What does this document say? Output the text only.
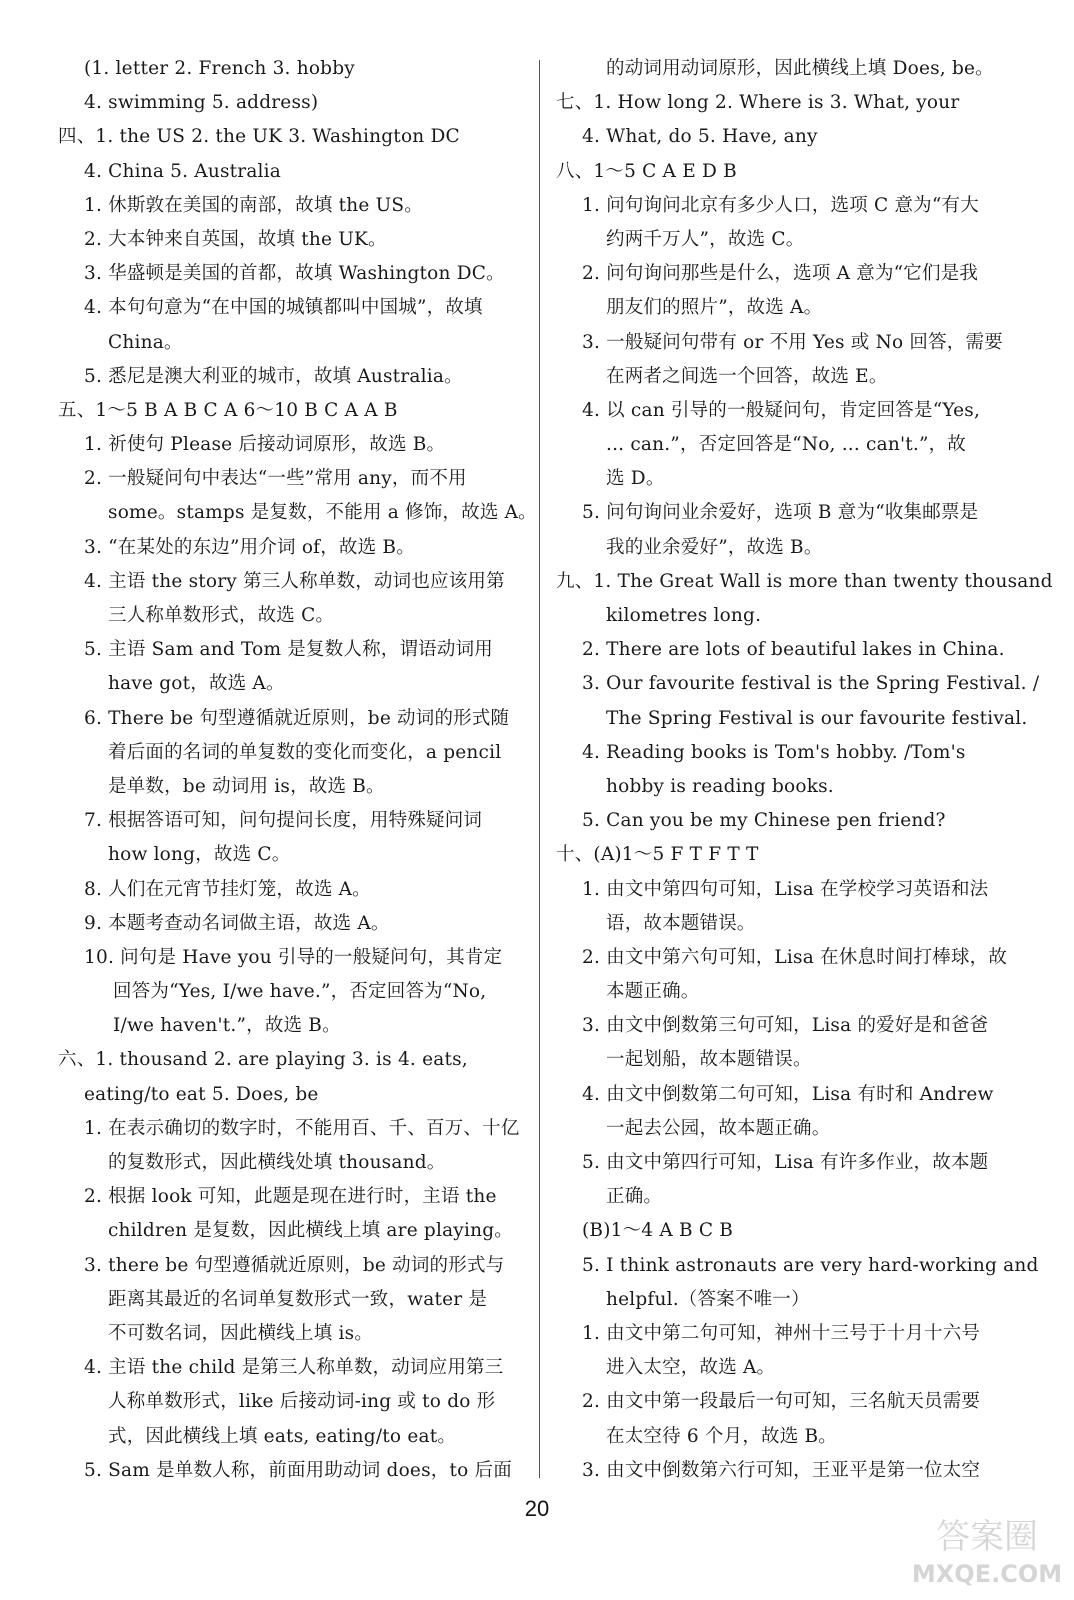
(1. letter 2. French 3. hobby
4. swimming 5. address)
四、1. the US 2. the UK 3. Washington DC
4. China 5. Australia
1. 休斯敦在美国的南部，故填 the US。
2. 大本钟来自英国，故填 the UK。
3. 华盛顿是美国的首都，故填 Washington DC。
4. 本句句意为“在中国的城镇都叫中国城”，故填
China。
5. 悉尼是澳大利亚的城市，故填 Australia。
五、1～5 B A B C A 6～10 B C A A B
1. 祈使句 Please 后接动词原形，故选 B。
2. 一般疑问句中表达“一些”常用 any，而不用
some。stamps 是复数，不能用 a 修饰，故选 A。
3. “在某处的东边”用介词 of，故选 B。
4. 主语 the story 第三人称单数，动词也应该用第
三人称单数形式，故选 C。
5. 主语 Sam and Tom 是复数人称，谓语动词用
have got，故选 A。
6. There be 句型遵循就近原则，be 动词的形式随
着后面的名词的单复数的变化而变化，a pencil
是单数，be 动词用 is，故选 B。
7. 根据答语可知，问句提问长度，用特殊疑问词
how long，故选 C。
8. 人们在元宵节挂灯笼，故选 A。
9. 本题考查动名词做主语，故选 A。
10. 问句是 Have you 引导的一般疑问句，其肯定
回答为“Yes, I/we have.”，否定回答为“No,
I/we haven't.”，故选 B。
六、1. thousand 2. are playing 3. is 4. eats,
eating/to eat 5. Does, be
1. 在表示确切的数字时，不能用百、千、百万、十亿
的复数形式，因此横线处填 thousand。
2. 根据 look 可知，此题是现在进行时，主语 the
children 是复数，因此横线上填 are playing。
3. there be 句型遵循就近原则，be 动词的形式与
距离其最近的名词单复数形式一致，water 是
不可数名词，因此横线上填 is。
4. 主语 the child 是第三人称单数，动词应用第三
人称单数形式，like 后接动词-ing 或 to do 形
式，因此横线上填 eats, eating/to eat。
5. Sam 是单数人称，前面用助动词 does，to 后面
的动词用动词原形，因此横线上填 Does, be。
七、1. How long 2. Where is 3. What, your
4. What, do 5. Have, any
八、1～5 C A E D B
1. 问句询问北京有多少人口，选项 C 意为“有大
约两千万人”，故选 C。
2. 问句询问那些是什么，选项 A 意为“它们是我
朋友们的照片”，故选 A。
3. 一般疑问句带有 or 不用 Yes 或 No 回答，需要
在两者之间选一个回答，故选 E。
4. 以 can 引导的一般疑问句，肯定回答是“Yes,
... can.”，否定回答是“No, ... can't.”，故
选 D。
5. 问句询问业余爱好，选项 B 意为“收集邮票是
我的业余爱好”，故选 B。
九、1. The Great Wall is more than twenty thousand
kilometres long.
2. There are lots of beautiful lakes in China.
3. Our favourite festival is the Spring Festival. /
The Spring Festival is our favourite festival.
4. Reading books is Tom's hobby. /Tom's
hobby is reading books.
5. Can you be my Chinese pen friend?
十、(A)1～5 F T F T T
1. 由文中第四句可知，Lisa 在学校学习英语和法
语，故本题错误。
2. 由文中第六句可知，Lisa 在休息时间打棒球，故
本题正确。
3. 由文中倒数第三句可知，Lisa 的爱好是和爸爸
一起划船，故本题错误。
4. 由文中倒数第二句可知，Lisa 有时和 Andrew
一起去公园，故本题正确。
5. 由文中第四行可知，Lisa 有许多作业，故本题
正确。
(B)1～4 A B C B
5. I think astronauts are very hard-working and
helpful.（答案不唯一）
1. 由文中第二句可知，神州十三号于十月十六号
进入太空，故选 A。
2. 由文中第一段最后一句可知，三名航天员需要
在太空待 6 个月，故选 B。
3. 由文中倒数第六行可知，王亚平是第一位太空
20
答案圈
MXQE.COM
